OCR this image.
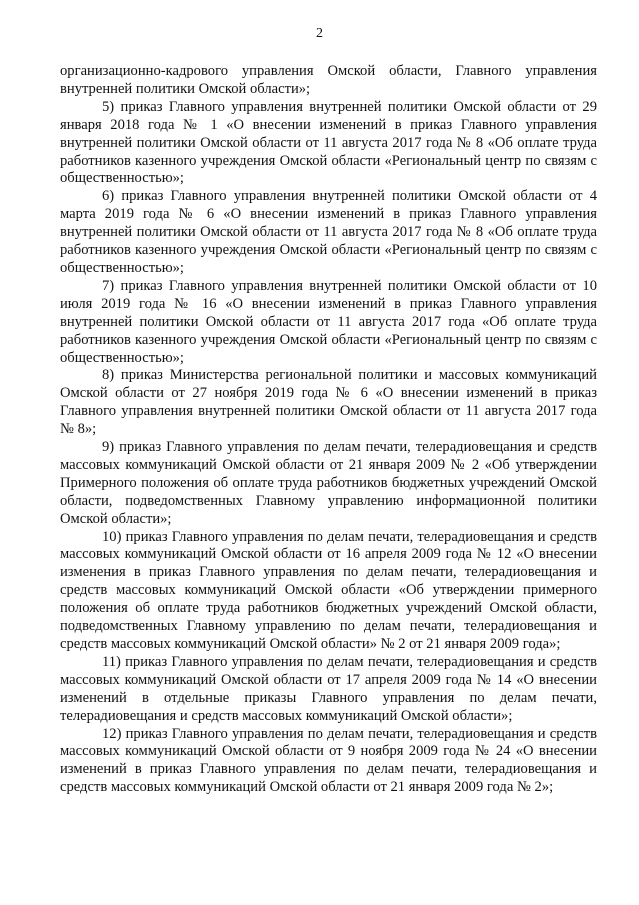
2

организационно-кадрового управления Омской области, Главного управления внутренней политики Омской области»;

5) приказ Главного управления внутренней политики Омской области от 29 января 2018 года № 1 «О внесении изменений в приказ Главного управления внутренней политики Омской области от 11 августа 2017 года № 8 «Об оплате труда работников казенного учреждения Омской области «Региональный центр по связям с общественностью»;

6) приказ Главного управления внутренней политики Омской области от 4 марта 2019 года № 6 «О внесении изменений в приказ Главного управления внутренней политики Омской области от 11 августа 2017 года № 8 «Об оплате труда работников казенного учреждения Омской области «Региональный центр по связям с общественностью»;

7) приказ Главного управления внутренней политики Омской области от 10 июля 2019 года № 16 «О внесении изменений в приказ Главного управления внутренней политики Омской области от 11 августа 2017 года «Об оплате труда работников казенного учреждения Омской области «Региональный центр по связям с общественностью»;

8) приказ Министерства региональной политики и массовых коммуникаций Омской области от 27 ноября 2019 года № 6 «О внесении изменений в приказ Главного управления внутренней политики Омской области от 11 августа 2017 года № 8»;

9) приказ Главного управления по делам печати, телерадиовещания и средств массовых коммуникаций Омской области от 21 января 2009 № 2 «Об утверждении Примерного положения об оплате труда работников бюджетных учреждений Омской области, подведомственных Главному управлению информационной политики Омской области»;

10) приказ Главного управления по делам печати, телерадиовещания и средств массовых коммуникаций Омской области от 16 апреля 2009 года № 12 «О внесении изменения в приказ Главного управления по делам печати, телерадиовещания и средств массовых коммуникаций Омской области «Об утверждении примерного положения об оплате труда работников бюджетных учреждений Омской области, подведомственных Главному управлению по делам печати, телерадиовещания и средств массовых коммуникаций Омской области» № 2 от 21 января 2009 года»;

11) приказ Главного управления по делам печати, телерадиовещания и средств массовых коммуникаций Омской области от 17 апреля 2009 года № 14 «О внесении изменений в отдельные приказы Главного управления по делам печати, телерадиовещания и средств массовых коммуникаций Омской области»;

12) приказ Главного управления по делам печати, телерадиовещания и средств массовых коммуникаций Омской области от 9 ноября 2009 года № 24 «О внесении изменений в приказ Главного управления по делам печати, телерадиовещания и средств массовых коммуникаций Омской области от 21 января 2009 года № 2»;
